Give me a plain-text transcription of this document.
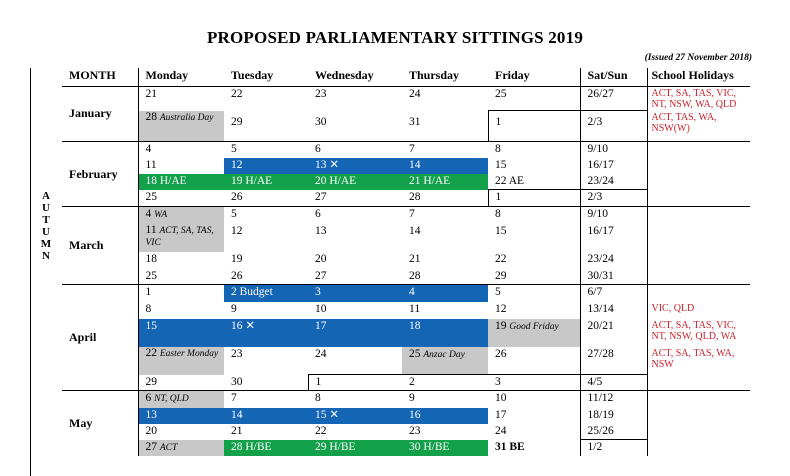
PROPOSED PARLIAMENTARY SITTINGS 2019
(Issued 27 November 2018)
A
U
T
U
M
N
MONTH	Monday	Tuesday	Wednesday	Thursday	Friday	Sat/Sun	School Holidays
January	21	22	23	24	25	26/27	ACT, SA, TAS, VIC, NT, NSW, WA, QLD
	28 Australia Day	29	30	31	1	2/3	ACT, TAS, WA, NSW(W)
February	4	5	6	7	8	9/10	
	11	12	13 ✕	14	15	16/17	
	18 H/AE	19 H/AE	20 H/AE	21 H/AE	22 AE	23/24	
	25	26	27	28	1	2/3	
March	4 WA	5	6	7	8	9/10	
	11 ACT, SA, TAS, VIC	12	13	14	15	16/17	
	18	19	20	21	22	23/24	
	25	26	27	28	29	30/31	
April	1	2 Budget	3	4	5	6/7	
	8	9	10	11	12	13/14	VIC, QLD
	15	16 ✕	17	18	19 Good Friday	20/21	ACT, SA, TAS, VIC, NT, NSW, QLD, WA
	22 Easter Monday	23	24	25 Anzac Day	26	27/28	ACT, SA, TAS, WA, NSW
	29	30	1	2	3	4/5	
May	6 NT, QLD	7	8	9	10	11/12	
	13	14	15 ✕	16	17	18/19	
	20	21	22	23	24	25/26	
	27 ACT	28 H/BE	29 H/BE	30 H/BE	31 BE	1/2	
